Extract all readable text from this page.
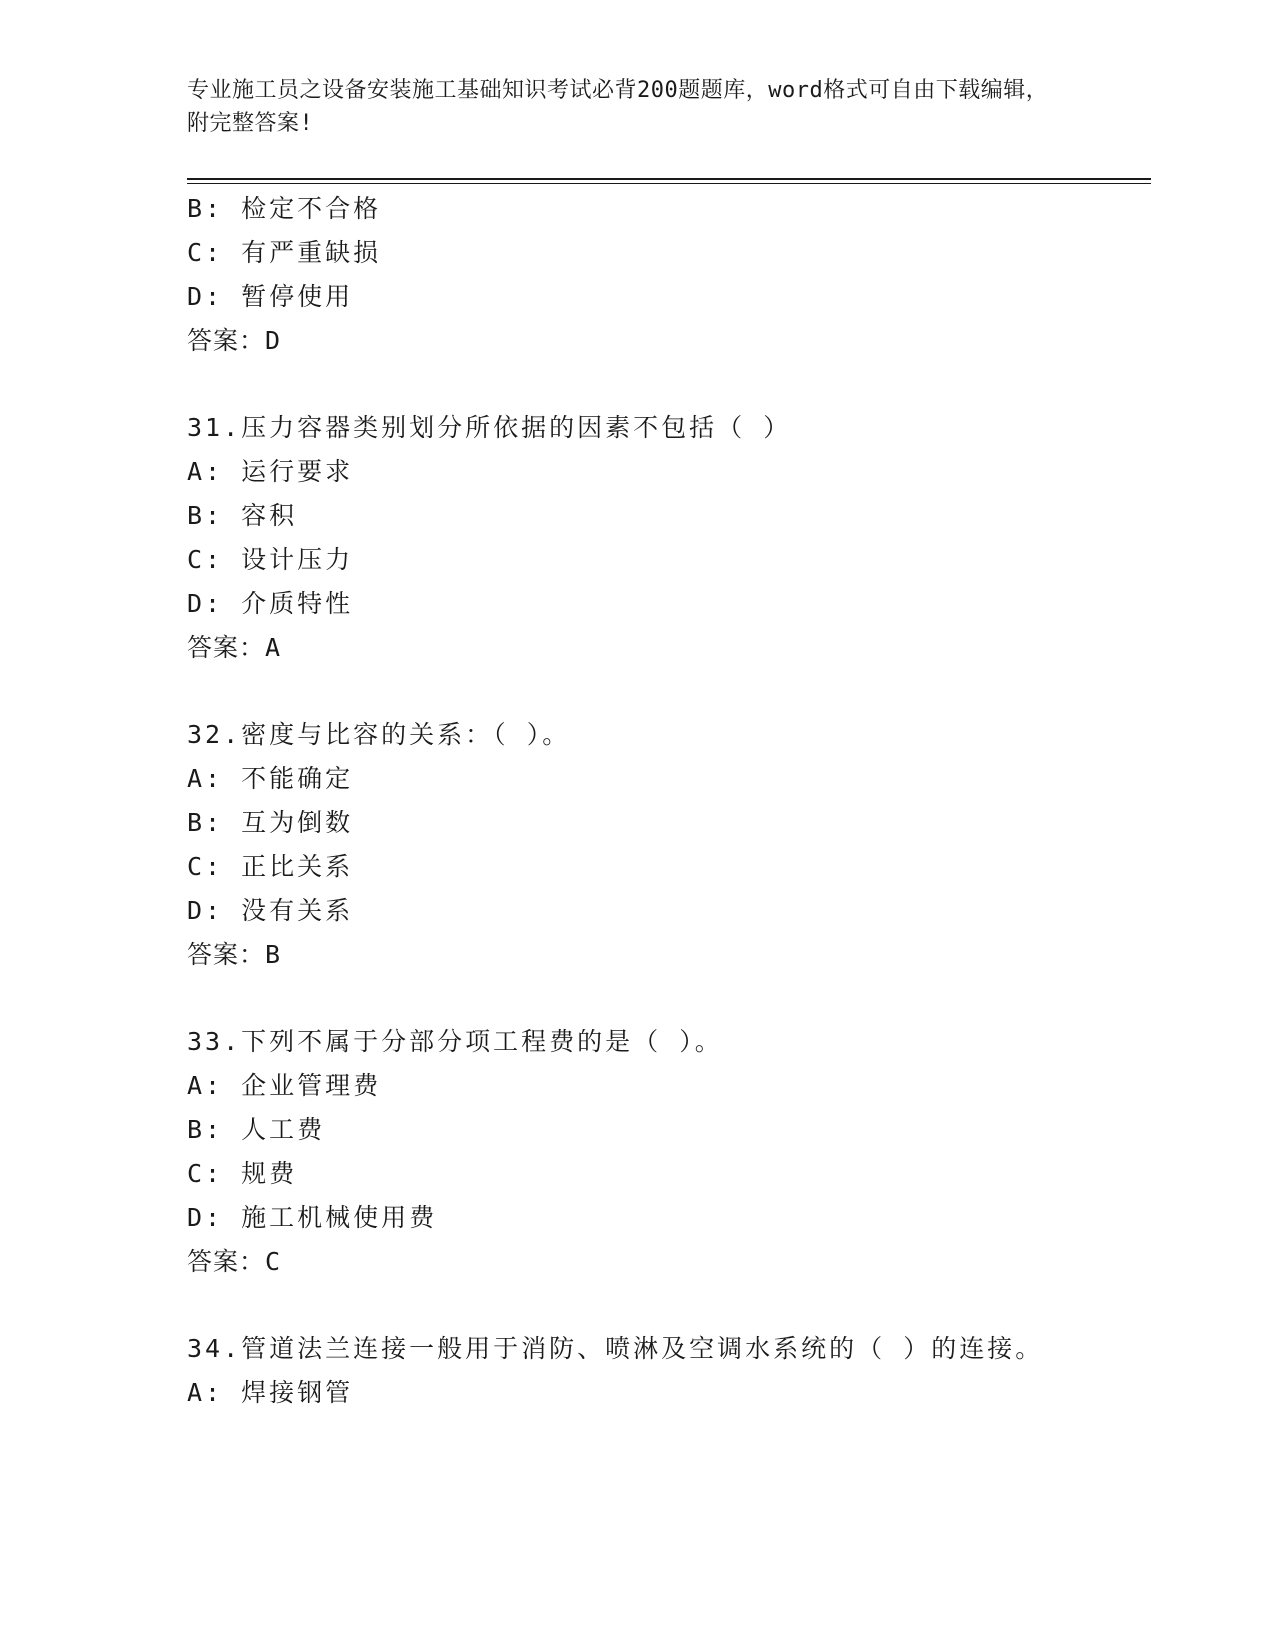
专业施工员之设备安装施工基础知识考试必背200题题库，word格式可自由下载编辑，附完整答案!
B: 检定不合格
C: 有严重缺损
D: 暂停使用
答案：D
31.压力容器类别划分所依据的因素不包括（ ）
A: 运行要求
B: 容积
C: 设计压力
D: 介质特性
答案：A
32.密度与比容的关系：（ ）。
A: 不能确定
B: 互为倒数
C: 正比关系
D: 没有关系
答案：B
33.下列不属于分部分项工程费的是（ ）。
A: 企业管理费
B: 人工费
C: 规费
D: 施工机械使用费
答案：C
34.管道法兰连接一般用于消防、喷淋及空调水系统的（ ）的连接。
A: 焊接钢管
